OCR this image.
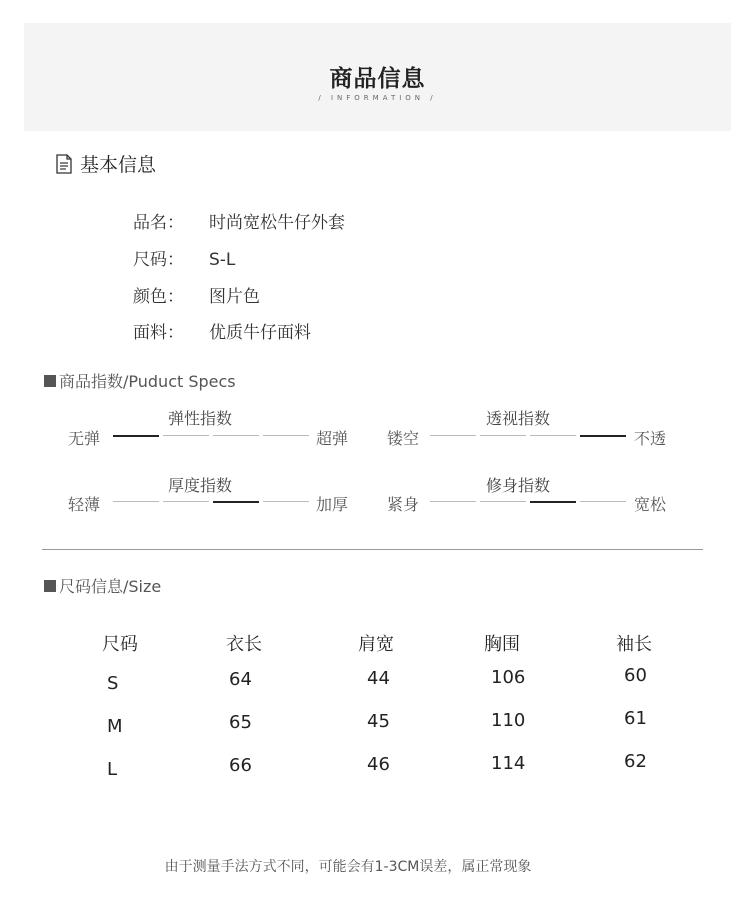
商品信息
/ INFORMATION /
基本信息
品名： 时尚宽松牛仔外套
尺码： S-L
颜色： 图片色
面料： 优质牛仔面料
商品指数/Puduct Specs
弹性指数
无弹	超弹
透视指数
镂空	不透
厚度指数
轻薄	加厚
修身指数
紧身	宽松
尺码信息/Size
尺码	衣长	肩宽	胸围	袖长
S	64	44	106	60
M	65	45	110	61
L	66	46	114	62
由于测量手法方式不同，可能会有1-3CM误差，属正常现象
